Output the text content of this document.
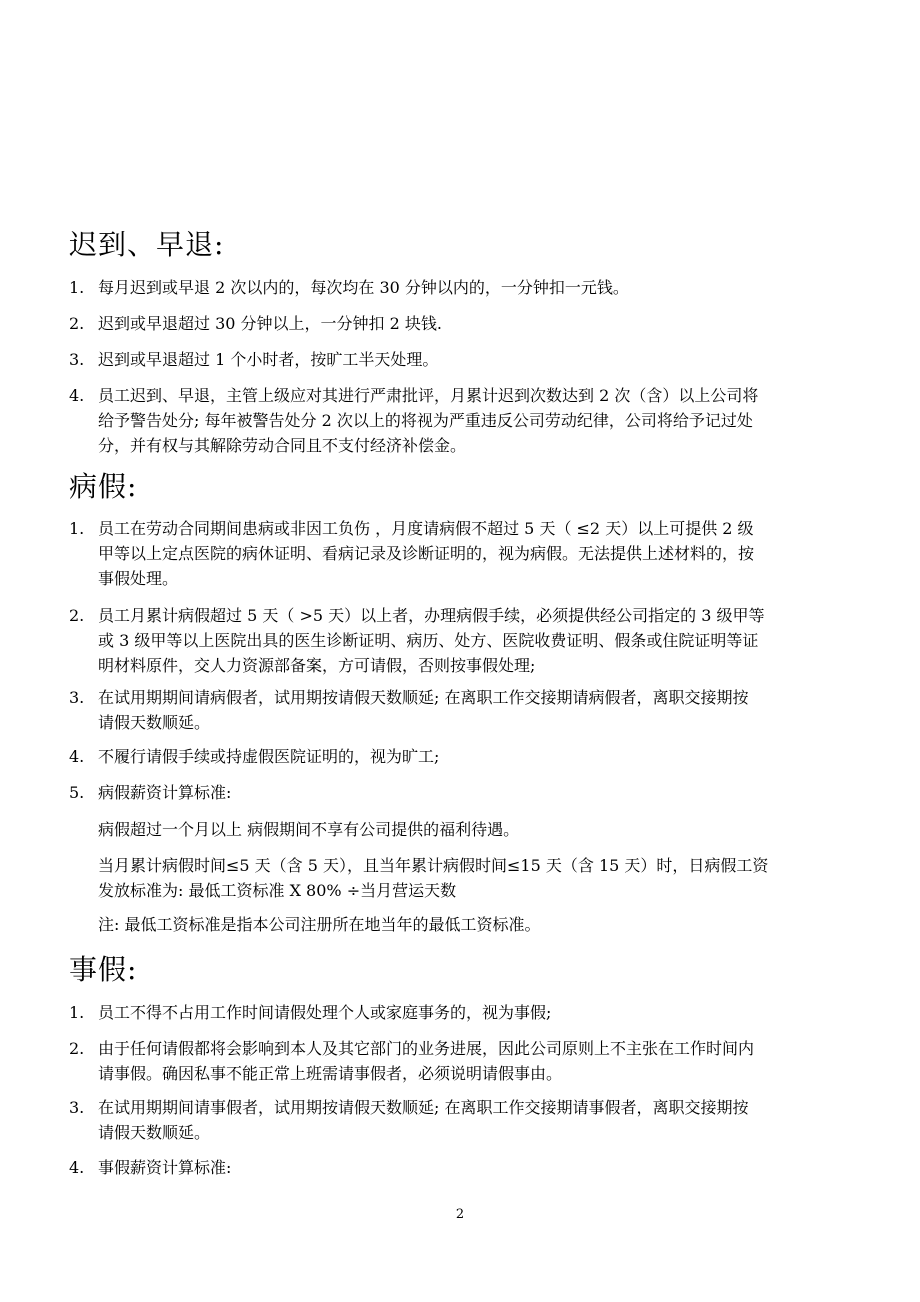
迟到、早退:
1. 每月迟到或早退 2 次以内的，每次均在 30 分钟以内的，一分钟扣一元钱。
2. 迟到或早退超过 30 分钟以上，一分钟扣 2 块钱.
3. 迟到或早退超过 1 个小时者，按旷工半天处理。
4. 员工迟到、早退，主管上级应对其进行严肃批评，月累计迟到次数达到 2 次（含）以上公司将
给予警告处分; 每年被警告处分 2 次以上的将视为严重违反公司劳动纪律，公司将给予记过处
分，并有权与其解除劳动合同且不支付经济补偿金。
病假:
1. 员工在劳动合同期间患病或非因工负伤 ，月度请病假不超过 5 天（ ≤2 天）以上可提供 2 级
甲等以上定点医院的病休证明、看病记录及诊断证明的，视为病假。无法提供上述材料的，按
事假处理。
2. 员工月累计病假超过 5 天（ >5 天）以上者，办理病假手续，必须提供经公司指定的 3 级甲等
或 3 级甲等以上医院出具的医生诊断证明、病历、处方、医院收费证明、假条或住院证明等证
明材料原件，交人力资源部备案，方可请假，否则按事假处理;
3. 在试用期期间请病假者，试用期按请假天数顺延; 在离职工作交接期请病假者，离职交接期按
请假天数顺延。
4. 不履行请假手续或持虚假医院证明的，视为旷工;
5. 病假薪资计算标准:
病假超过一个月以上 病假期间不享有公司提供的福利待遇。
当月累计病假时间≤5 天（含 5 天），且当年累计病假时间≤15 天（含 15 天）时，日病假工资
发放标准为: 最低工资标准 X 80% ÷当月营运天数
注: 最低工资标准是指本公司注册所在地当年的最低工资标准。
事假:
1. 员工不得不占用工作时间请假处理个人或家庭事务的，视为事假;
2. 由于任何请假都将会影响到本人及其它部门的业务进展，因此公司原则上不主张在工作时间内
请事假。确因私事不能正常上班需请事假者，必须说明请假事由。
3. 在试用期期间请事假者，试用期按请假天数顺延; 在离职工作交接期请事假者，离职交接期按
请假天数顺延。
4. 事假薪资计算标准:
2
